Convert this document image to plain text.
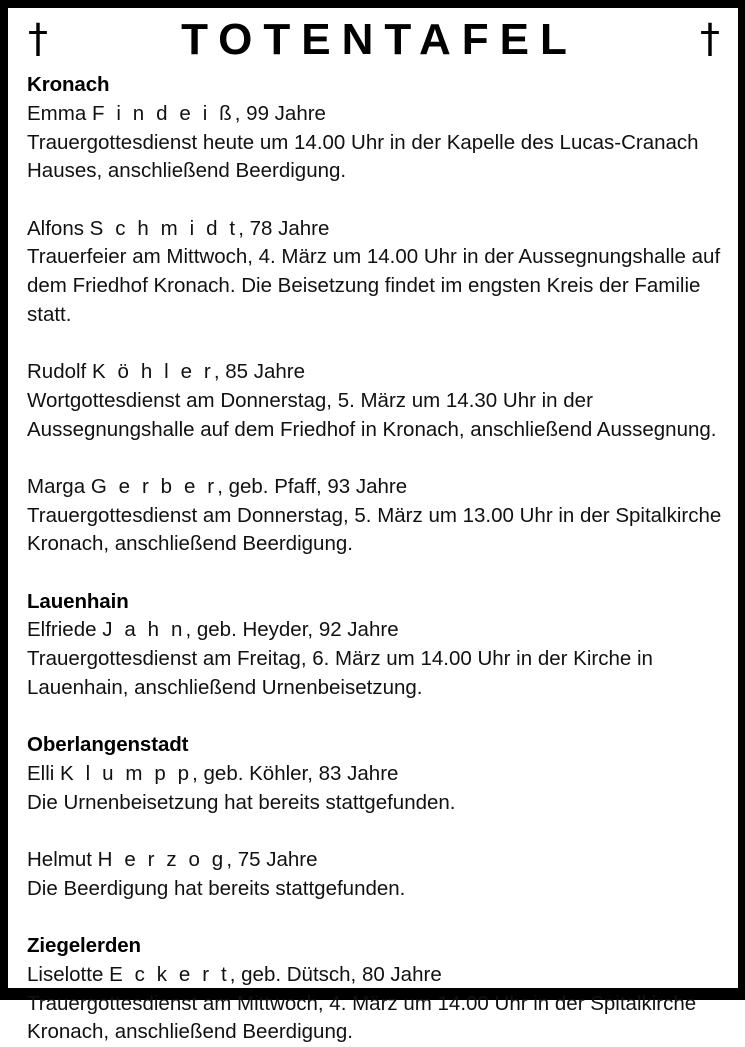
†	TOTENTAFEL	†
Kronach
Emma F i n d e i ß, 99 Jahre
Trauergottesdienst heute um 14.00 Uhr in der Kapelle des Lucas-Cranach Hauses, anschließend Beerdigung.
Alfons S c h m i d t, 78 Jahre
Trauerfeier am Mittwoch, 4. März um 14.00 Uhr in der Aussegnungshalle auf dem Friedhof Kronach. Die Beisetzung findet im engsten Kreis der Familie statt.
Rudolf K ö h l e r, 85 Jahre
Wortgottesdienst am Donnerstag, 5. März um 14.30 Uhr in der Aussegnungshalle auf dem Friedhof in Kronach, anschließend Aussegnung.
Marga G e r b e r, geb. Pfaff, 93 Jahre
Trauergottesdienst am Donnerstag, 5. März um 13.00 Uhr in der Spitalkirche Kronach, anschließend Beerdigung.
Lauenhain
Elfriede J a h n, geb. Heyder, 92 Jahre
Trauergottesdienst am Freitag, 6. März um 14.00 Uhr in der Kirche in Lauenhain, anschließend Urnenbeisetzung.
Oberlangenstadt
Elli K l u m p p, geb. Köhler, 83 Jahre
Die Urnenbeisetzung hat bereits stattgefunden.
Helmut H e r z o g, 75 Jahre
Die Beerdigung hat bereits stattgefunden.
Ziegelerden
Liselotte E c k e r t, geb. Dütsch, 80 Jahre
Trauergottesdienst am Mittwoch, 4. März um 14.00 Uhr in der Spitalkirche Kronach, anschließend Beerdigung.
